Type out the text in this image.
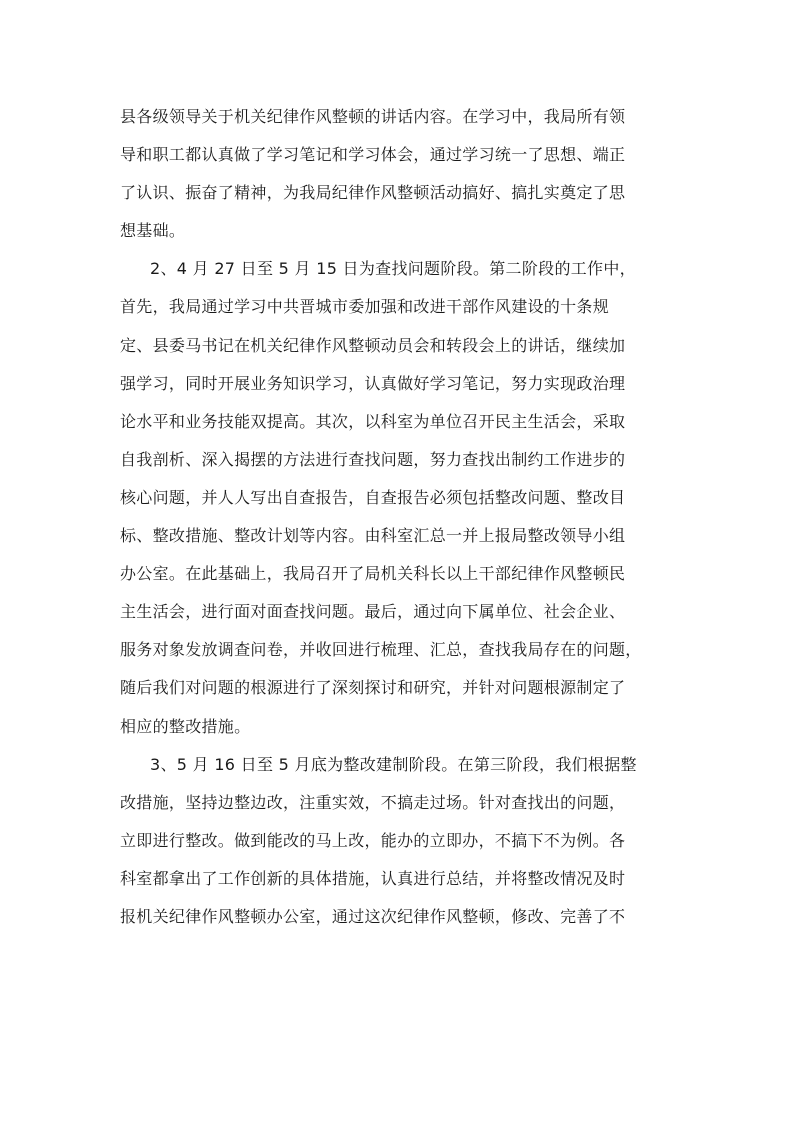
县各级领导关于机关纪律作风整顿的讲话内容。在学习中，我局所有领
导和职工都认真做了学习笔记和学习体会，通过学习统一了思想、端正
了认识、振奋了精神，为我局纪律作风整顿活动搞好、搞扎实奠定了思
想基础。

2、4 月 27 日至 5 月 15 日为查找问题阶段。第二阶段的工作中，
首先，我局通过学习中共晋城市委加强和改进干部作风建设的十条规
定、县委马书记在机关纪律作风整顿动员会和转段会上的讲话，继续加
强学习，同时开展业务知识学习，认真做好学习笔记，努力实现政治理
论水平和业务技能双提高。其次，以科室为单位召开民主生活会，采取
自我剖析、深入揭摆的方法进行查找问题，努力查找出制约工作进步的
核心问题，并人人写出自查报告，自查报告必须包括整改问题、整改目
标、整改措施、整改计划等内容。由科室汇总一并上报局整改领导小组
办公室。在此基础上，我局召开了局机关科长以上干部纪律作风整顿民
主生活会，进行面对面查找问题。最后，通过向下属单位、社会企业、
服务对象发放调查问卷，并收回进行梳理、汇总，查找我局存在的问题，
随后我们对问题的根源进行了深刻探讨和研究，并针对问题根源制定了
相应的整改措施。

3、5 月 16 日至 5 月底为整改建制阶段。在第三阶段，我们根据整
改措施，坚持边整边改，注重实效，不搞走过场。针对查找出的问题，
立即进行整改。做到能改的马上改，能办的立即办，不搞下不为例。各
科室都拿出了工作创新的具体措施，认真进行总结，并将整改情况及时
报机关纪律作风整顿办公室，通过这次纪律作风整顿，修改、完善了不
